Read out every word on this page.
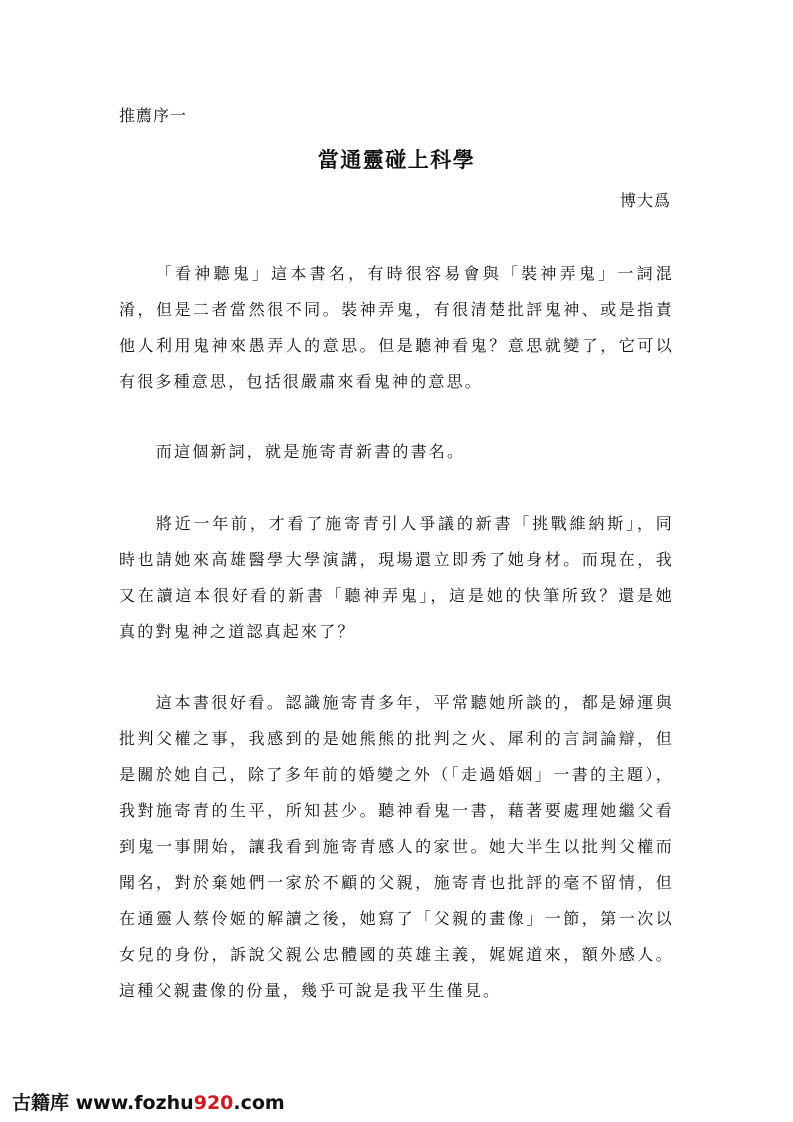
推薦序一
當通靈碰上科學
博大爲

「看神聽鬼」這本書名，有時很容易會與「裝神弄鬼」一詞混淆，但是二者當然很不同。裝神弄鬼，有很清楚批評鬼神、或是指責他人利用鬼神來愚弄人的意思。但是聽神看鬼？意思就變了，它可以有很多種意思，包括很嚴肅來看鬼神的意思。

而這個新詞，就是施寄青新書的書名。

將近一年前，才看了施寄青引人爭議的新書「挑戰維納斯」，同時也請她來高雄醫學大學演講，現場還立即秀了她身材。而現在，我又在讀這本很好看的新書「聽神弄鬼」，這是她的快筆所致？還是她真的對鬼神之道認真起來了？

這本書很好看。認識施寄青多年，平常聽她所談的，都是婦運與批判父權之事，我感到的是她熊熊的批判之火、犀利的言詞論辯，但是關於她自己，除了多年前的婚變之外（「走過婚姻」一書的主題），我對施寄青的生平，所知甚少。聽神看鬼一書，藉著要處理她繼父看到鬼一事開始，讓我看到施寄青感人的家世。她大半生以批判父權而聞名，對於棄她們一家於不顧的父親，施寄青也批評的毫不留情，但在通靈人蔡伶姬的解讀之後，她寫了「父親的畫像」一節，第一次以女兒的身份，訴說父親公忠體國的英雄主義，娓娓道來，額外感人。這種父親畫像的份量，幾乎可說是我平生僅見。

古籍库 www.fozhu920.com
